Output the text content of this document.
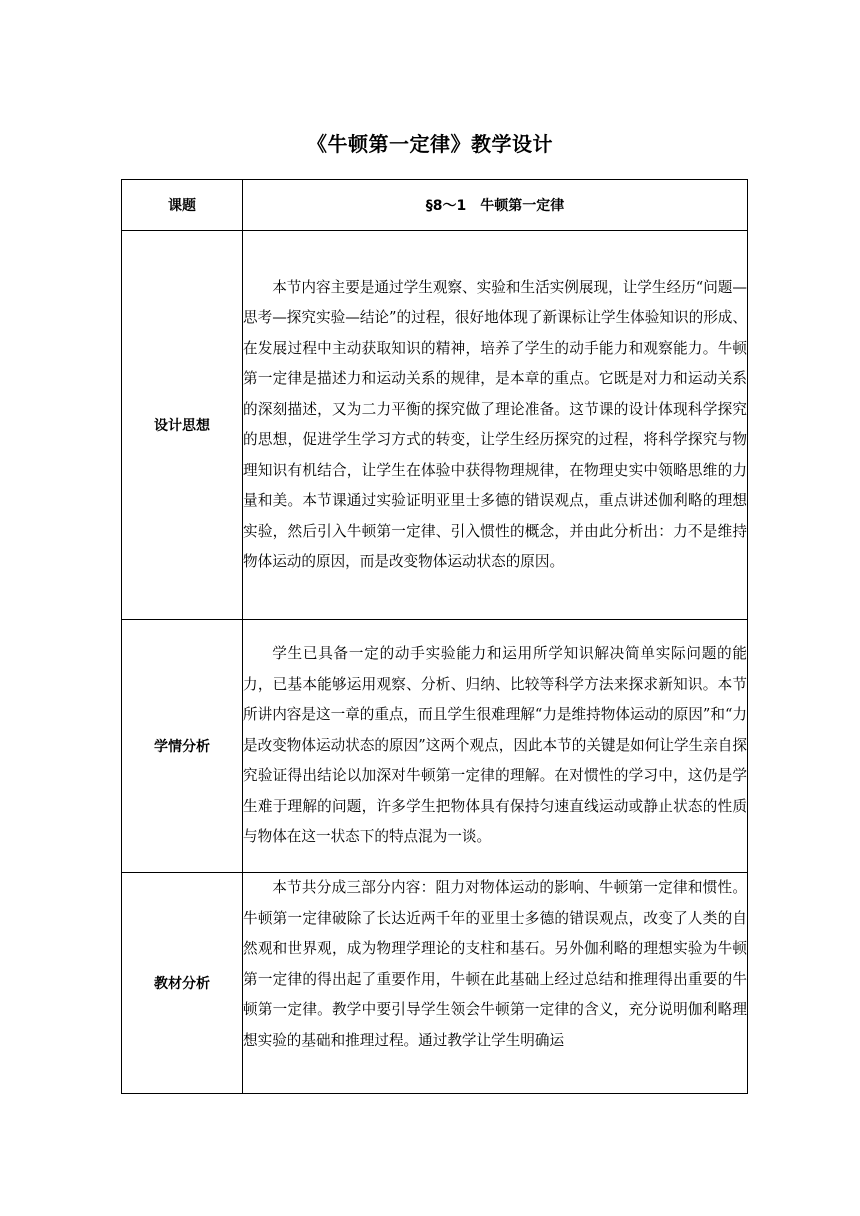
《牛顿第一定律》教学设计
课题	§8～1　牛顿第一定律
设计思想	本节内容主要是通过学生观察、实验和生活实例展现，让学生经历“问题—思考—探究实验—结论”的过程，很好地体现了新课标让学生体验知识的形成、在发展过程中主动获取知识的精神，培养了学生的动手能力和观察能力。牛顿第一定律是描述力和运动关系的规律，是本章的重点。它既是对力和运动关系的深刻描述，又为二力平衡的探究做了理论准备。这节课的设计体现科学探究的思想，促进学生学习方式的转变，让学生经历探究的过程，将科学探究与物理知识有机结合，让学生在体验中获得物理规律，在物理史实中领略思维的力量和美。本节课通过实验证明亚里士多德的错误观点，重点讲述伽利略的理想实验，然后引入牛顿第一定律、引入惯性的概念，并由此分析出：力不是维持物体运动的原因，而是改变物体运动状态的原因。
学情分析	学生已具备一定的动手实验能力和运用所学知识解决简单实际问题的能力，已基本能够运用观察、分析、归纳、比较等科学方法来探求新知识。本节所讲内容是这一章的重点，而且学生很难理解“力是维持物体运动的原因”和“力是改变物体运动状态的原因”这两个观点，因此本节的关键是如何让学生亲自探究验证得出结论以加深对牛顿第一定律的理解。在对惯性的学习中，这仍是学生难于理解的问题，许多学生把物体具有保持匀速直线运动或静止状态的性质与物体在这一状态下的特点混为一谈。
教材分析	本节共分成三部分内容：阻力对物体运动的影响、牛顿第一定律和惯性。牛顿第一定律破除了长达近两千年的亚里士多德的错误观点，改变了人类的自然观和世界观，成为物理学理论的支柱和基石。另外伽利略的理想实验为牛顿第一定律的得出起了重要作用，牛顿在此基础上经过总结和推理得出重要的牛顿第一定律。教学中要引导学生领会牛顿第一定律的含义，充分说明伽利略理想实验的基础和推理过程。通过教学让学生明确运
